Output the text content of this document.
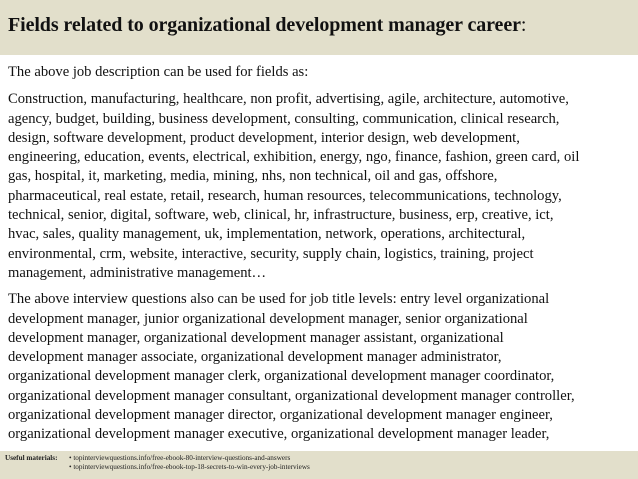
Fields related to organizational development manager career:

The above job description can be used for fields as:

Construction, manufacturing, healthcare, non profit, advertising, agile, architecture, automotive,
agency, budget, building, business development, consulting, communication, clinical research,
design, software development, product development, interior design, web development,
engineering, education, events, electrical, exhibition, energy, ngo, finance, fashion, green card, oil
gas, hospital, it, marketing, media, mining, nhs, non technical, oil and gas, offshore,
pharmaceutical, real estate, retail, research, human resources, telecommunications, technology,
technical, senior, digital, software, web, clinical, hr, infrastructure, business, erp, creative, ict,
hvac, sales, quality management, uk, implementation, network, operations, architectural,
environmental, crm, website, interactive, security, supply chain, logistics, training, project
management, administrative management…

The above interview questions also can be used for job title levels: entry level organizational
development manager, junior organizational development manager, senior organizational
development manager, organizational development manager assistant, organizational
development manager associate, organizational development manager administrator,
organizational development manager clerk, organizational development manager coordinator,
organizational development manager consultant, organizational development manager controller,
organizational development manager director, organizational development manager engineer,
organizational development manager executive, organizational development manager leader,

Useful materials:	• topinterviewquestions.info/free-ebook-80-interview-questions-and-answers
• topinterviewquestions.info/free-ebook-top-18-secrets-to-win-every-job-interviews
